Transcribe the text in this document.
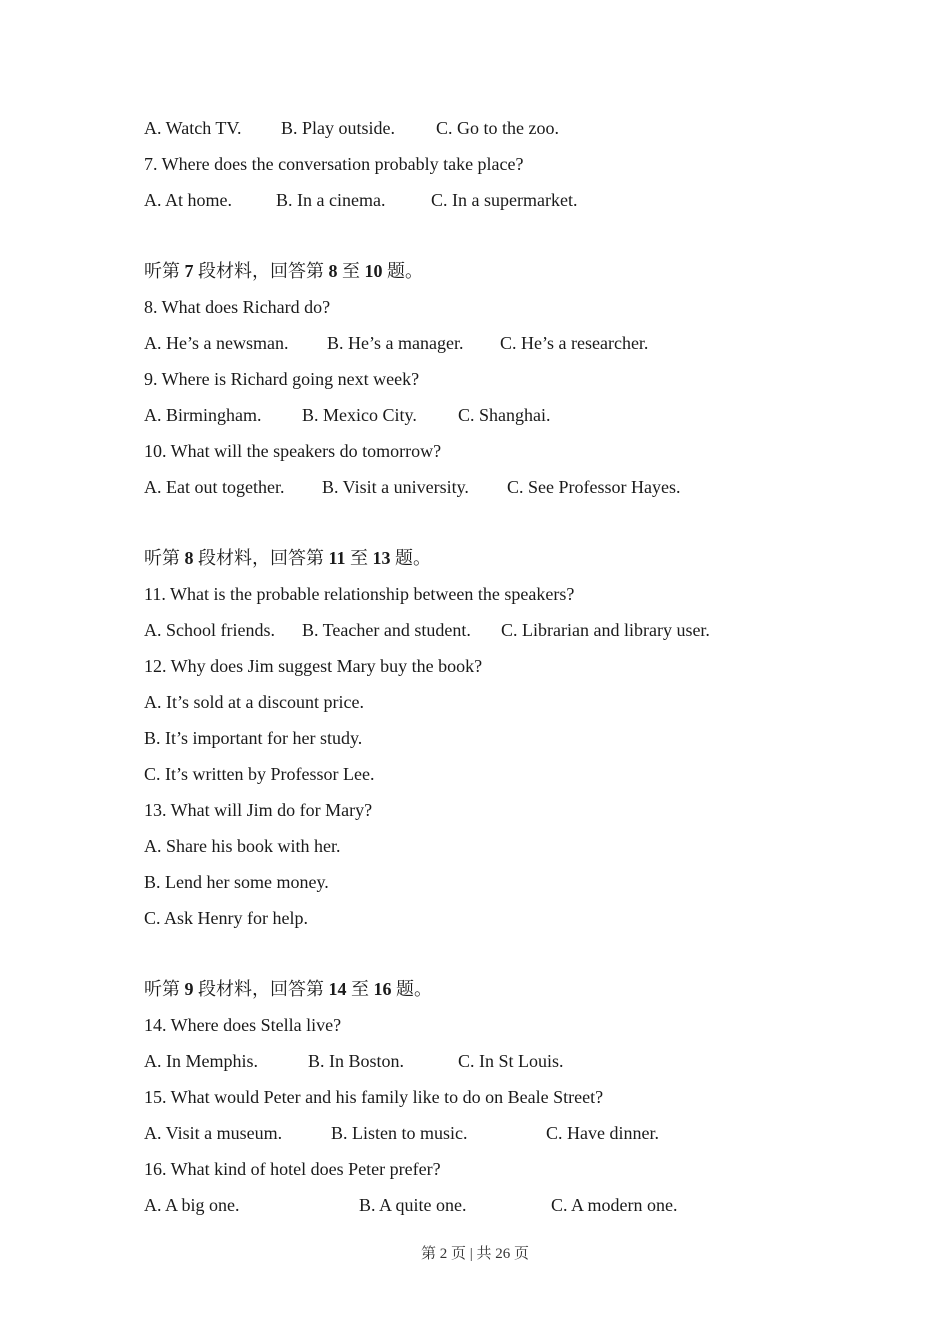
A. Watch TV. B. Play outside. C. Go to the zoo.
7. Where does the conversation probably take place?
A. At home. B. In a cinema.	C. In a supermarket.
听第 7 段材料，回答第 8 至 10 题。
8. What does Richard do?
A. He’s a newsman. B. He’s a manager. C. He’s a researcher.
9. Where is Richard going next week?
A. Birmingham. B. Mexico City. C. Shanghai.
10. What will the speakers do tomorrow?
A. Eat out together. B. Visit a university. C. See Professor Hayes.
听第 8 段材料，回答第 11 至 13 题。
11. What is the probable relationship between the speakers?
A. School friends. B. Teacher and student. C. Librarian and library user.
12. Why does Jim suggest Mary buy the book?
A. It’s sold at a discount price.
B. It’s important for her study.
C. It’s written by Professor Lee.
13. What will Jim do for Mary?
A. Share his book with her.
B. Lend her some money.
C. Ask Henry for help.
听第 9 段材料，回答第 14 至 16 题。
14. Where does Stella live?
A. In Memphis.	B. In Boston.	C. In St Louis.
15. What would Peter and his family like to do on Beale Street?
A. Visit a museum.	B. Listen to music.	C. Have dinner.
16. What kind of hotel does Peter prefer?
A. A big one.	B. A quite one.	C. A modern one.
第 2 页 | 共 26 页
